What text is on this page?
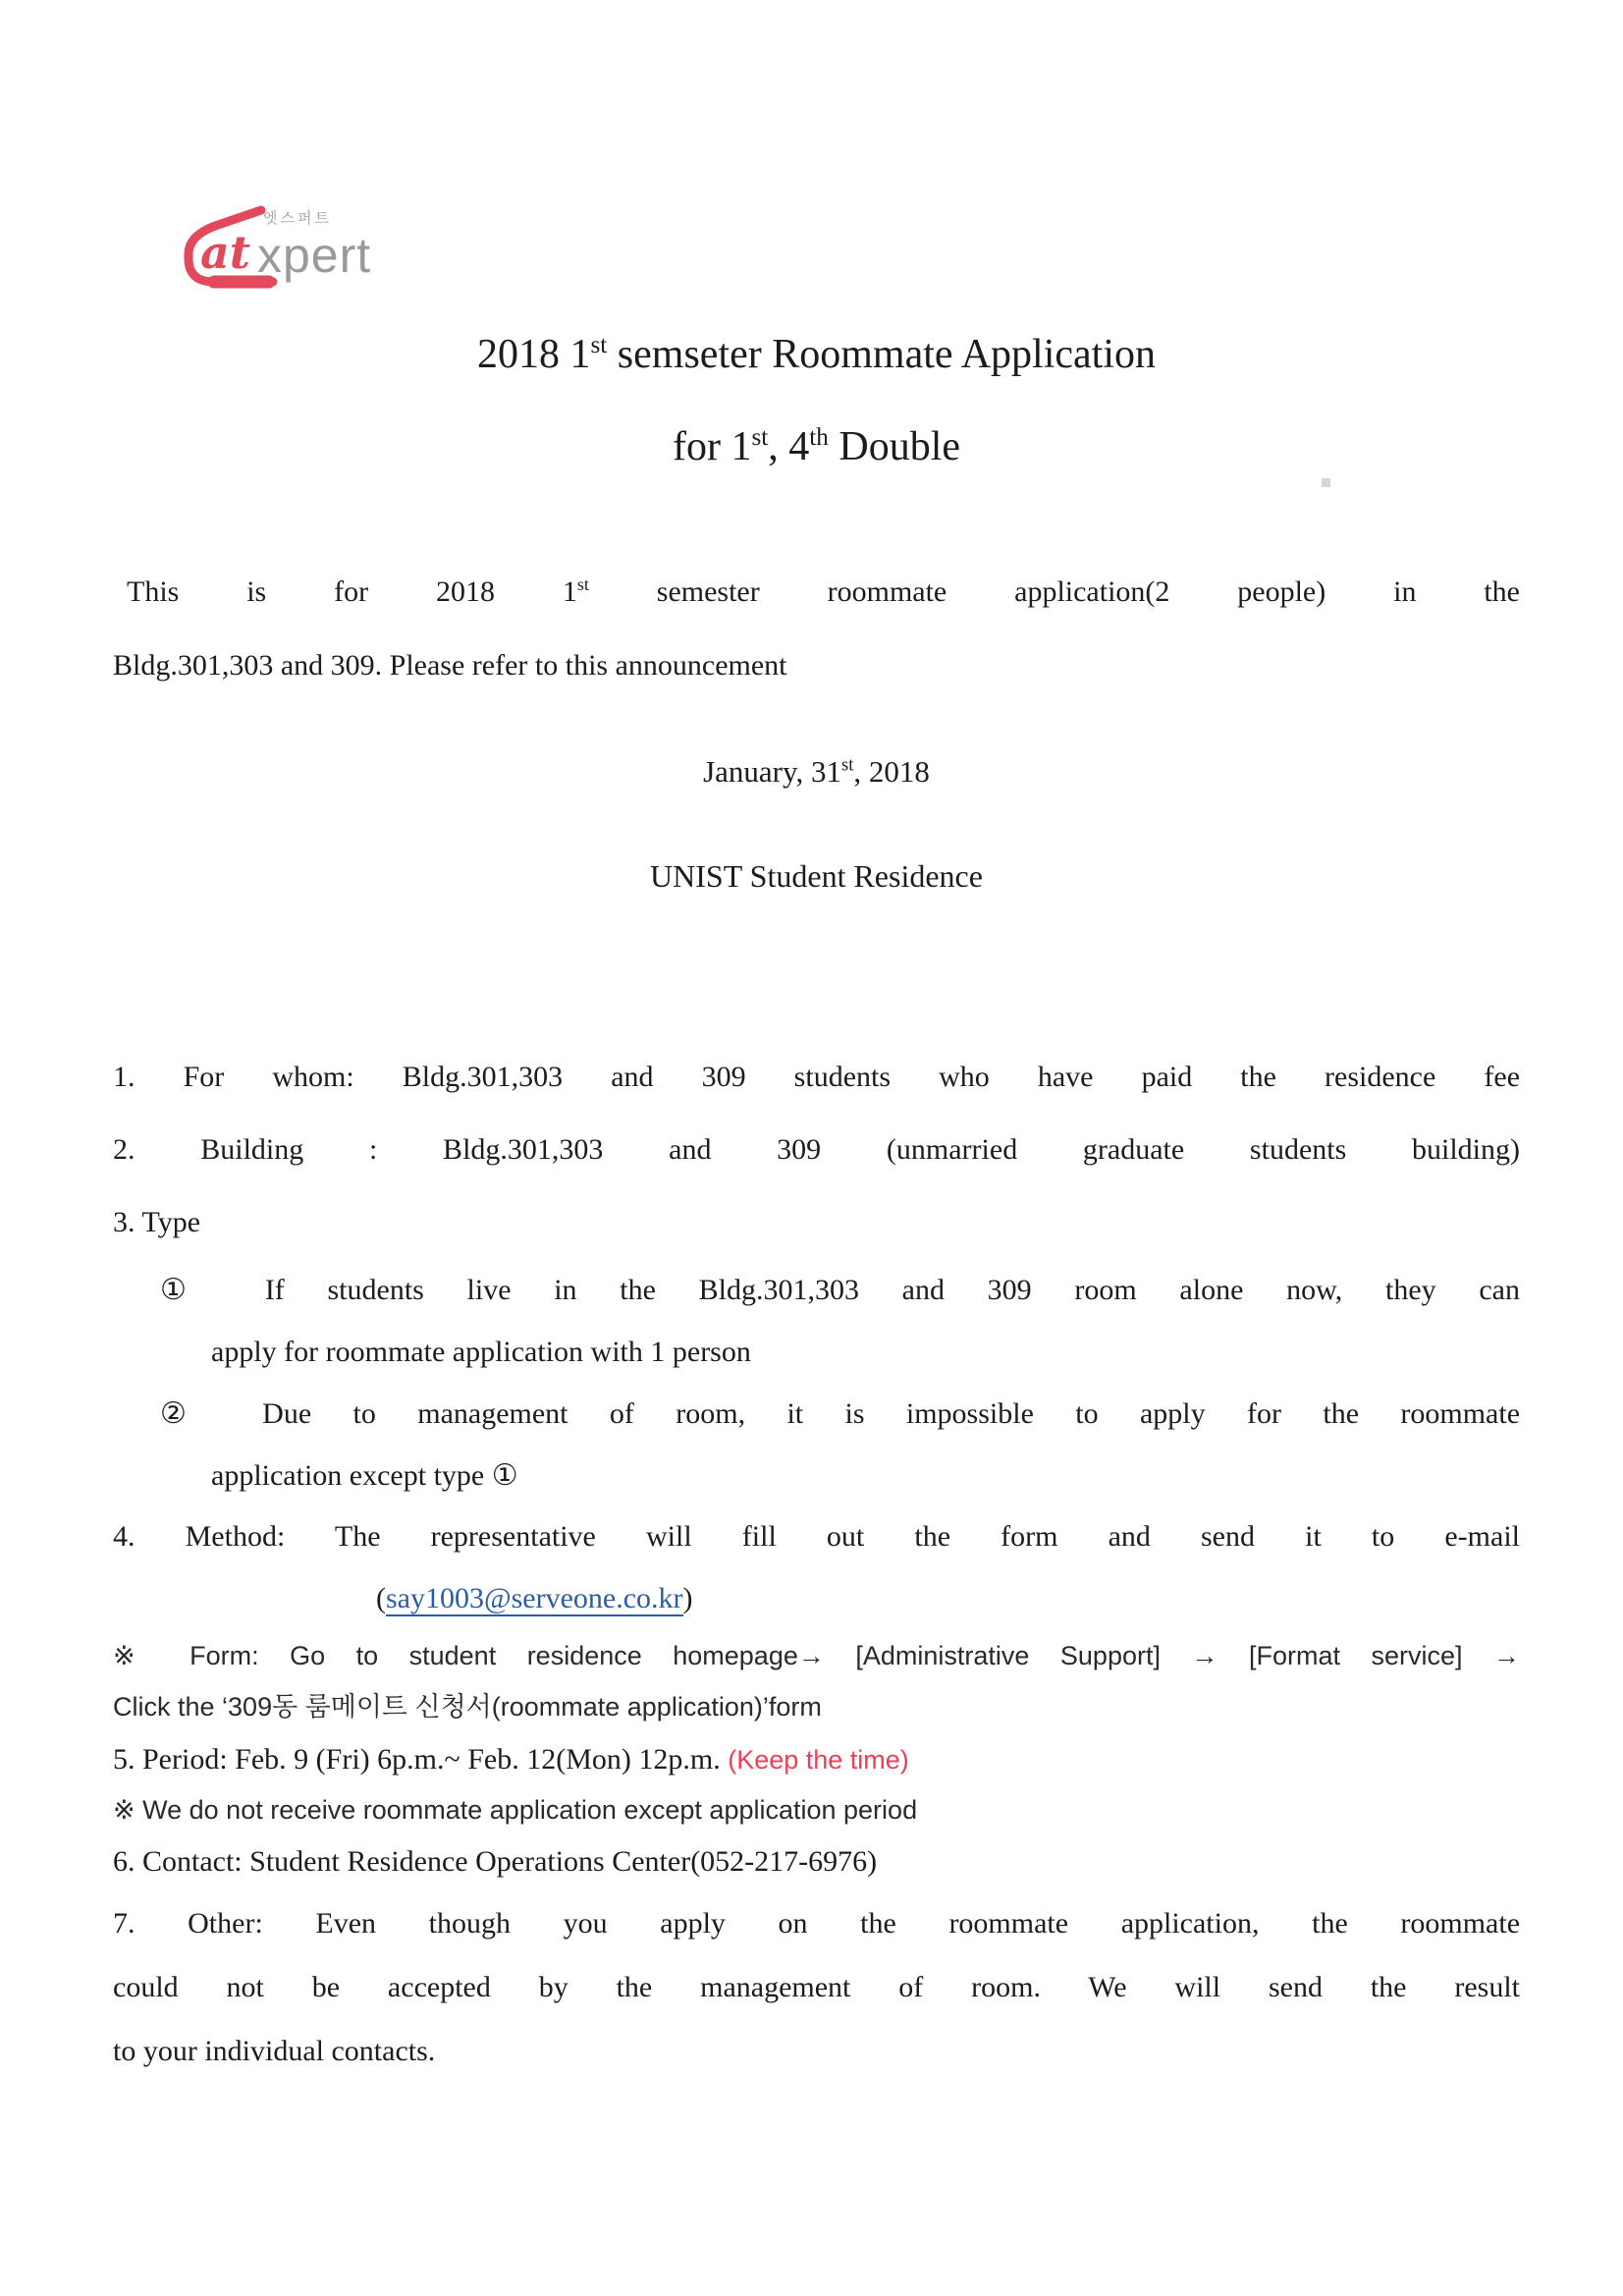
엣스퍼트
at xpert
2018 1st semseter Roommate Application
for 1st, 4th Double
This is for 2018 1st semester roommate application(2 people) in the
Bldg.301,303 and 309. Please refer to this announcement
January, 31st, 2018
UNIST Student Residence
1. For whom: Bldg.301,303 and 309 students who have paid the residence fee
2. Building : Bldg.301,303 and 309 (unmarried graduate students building)
3. Type
① If students live in the Bldg.301,303 and 309 room alone now, they can
apply for roommate application with 1 person
② Due to management of room, it is impossible to apply for the roommate
application except type ①
4. Method: The representative will fill out the form and send it to e-mail
(say1003@serveone.co.kr)
※ Form: Go to student residence homepage→ [Administrative Support] → [Format service] →
Click the ‘309동 룸메이트 신청서(roommate application)’form
5. Period: Feb. 9 (Fri) 6p.m.~ Feb. 12(Mon) 12p.m. (Keep the time)
※ We do not receive roommate application except application period
6. Contact: Student Residence Operations Center(052-217-6976)
7. Other: Even though you apply on the roommate application, the roommate
could not be accepted by the management of room. We will send the result
to your individual contacts.
